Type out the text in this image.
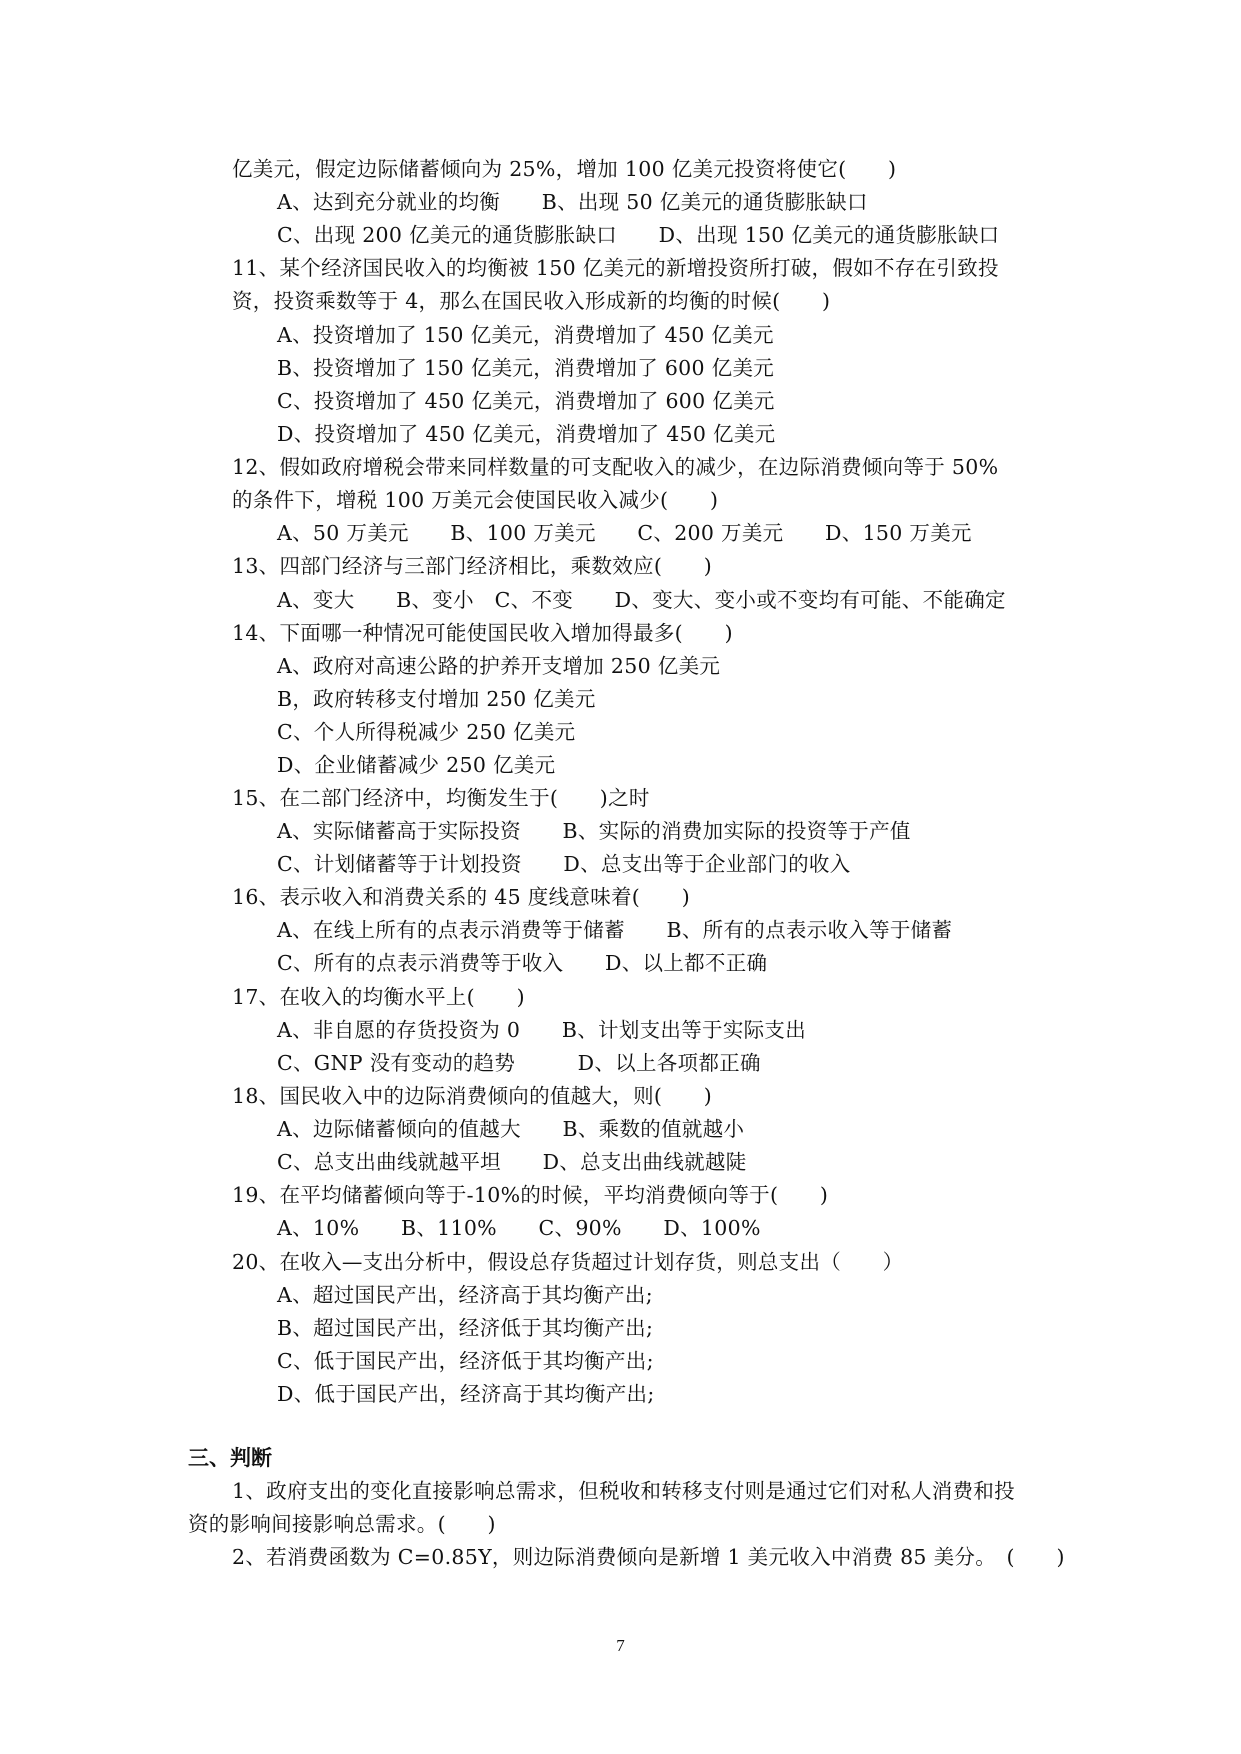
亿美元，假定边际储蓄倾向为 25%，增加 100 亿美元投资将使它(　　)
A、达到充分就业的均衡　　B、出现 50 亿美元的通货膨胀缺口
C、出现 200 亿美元的通货膨胀缺口　　D、出现 150 亿美元的通货膨胀缺口
11、某个经济国民收入的均衡被 150 亿美元的新增投资所打破，假如不存在引致投
资，投资乘数等于 4，那么在国民收入形成新的均衡的时候(　　)
A、投资增加了 150 亿美元，消费增加了 450 亿美元
B、投资增加了 150 亿美元，消费增加了 600 亿美元
C、投资增加了 450 亿美元，消费增加了 600 亿美元
D、投资增加了 450 亿美元，消费增加了 450 亿美元
12、假如政府增税会带来同样数量的可支配收入的减少，在边际消费倾向等于 50%
的条件下，增税 100 万美元会使国民收入减少(　　)
A、50 万美元　　B、100 万美元　　C、200 万美元　　D、150 万美元
13、四部门经济与三部门经济相比，乘数效应(　　)
A、变大　　B、变小　C、不变　　D、变大、变小或不变均有可能、不能确定
14、下面哪一种情况可能使国民收入增加得最多(　　)
A、政府对高速公路的护养开支增加 250 亿美元
B，政府转移支付增加 250 亿美元
C、个人所得税减少 250 亿美元
D、企业储蓄减少 250 亿美元
15、在二部门经济中，均衡发生于(　　)之时
A、实际储蓄高于实际投资　　B、实际的消费加实际的投资等于产值
C、计划储蓄等于计划投资　　D、总支出等于企业部门的收入
16、表示收入和消费关系的 45 度线意味着(　　)
A、在线上所有的点表示消费等于储蓄　　B、所有的点表示收入等于储蓄
C、所有的点表示消费等于收入　　D、以上都不正确
17、在收入的均衡水平上(　　)
A、非自愿的存货投资为 0　　B、计划支出等于实际支出
C、GNP 没有变动的趋势　　　D、以上各项都正确
18、国民收入中的边际消费倾向的值越大，则(　　)
A、边际储蓄倾向的值越大　　B、乘数的值就越小
C、总支出曲线就越平坦　　D、总支出曲线就越陡
19、在平均储蓄倾向等于-10%的时候，平均消费倾向等于(　　)
A、10%　　B、110%　　C、90%　　D、100%
20、在收入—支出分析中，假设总存货超过计划存货，则总支出（　　）
A、超过国民产出，经济高于其均衡产出;
B、超过国民产出，经济低于其均衡产出;
C、低于国民产出，经济低于其均衡产出;
D、低于国民产出，经济高于其均衡产出;
三、判断
1、政府支出的变化直接影响总需求，但税收和转移支付则是通过它们对私人消费和投
资的影响间接影响总需求。(　　)
2、若消费函数为 C=0.85Y，则边际消费倾向是新增 1 美元收入中消费 85 美分。　(　　)
7
